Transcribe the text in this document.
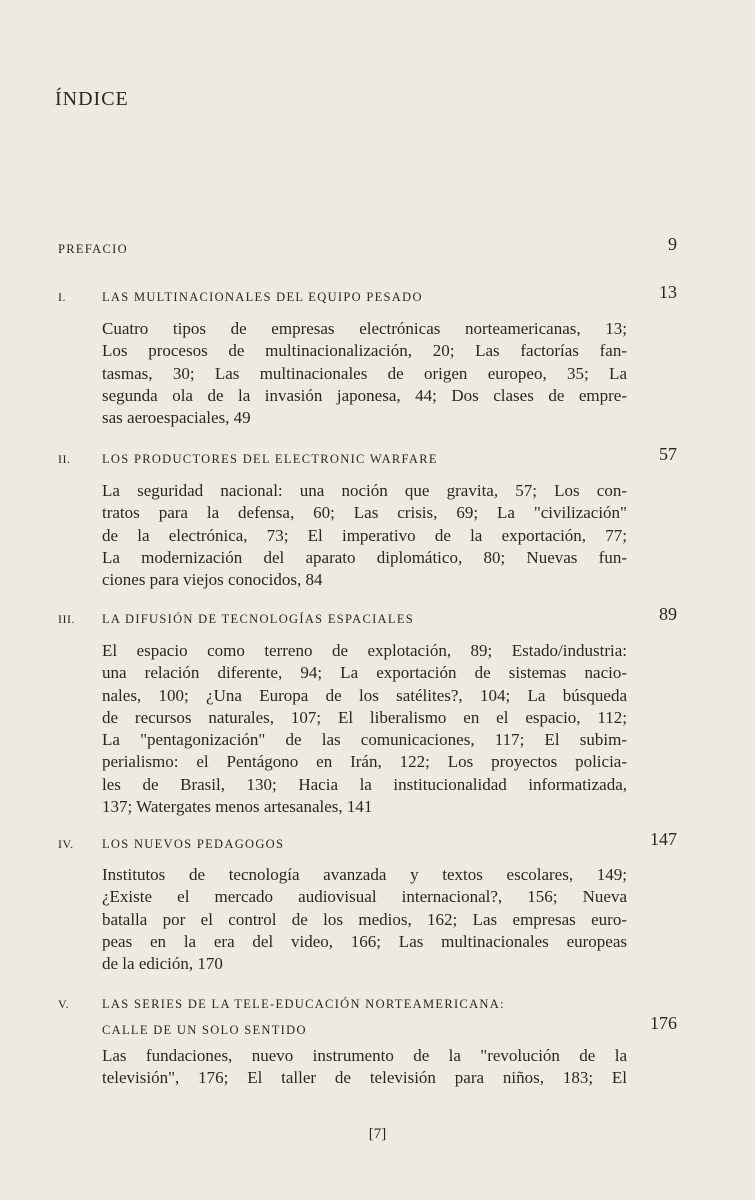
ÍNDICE
PREFACIO	9
I.	LAS MULTINACIONALES DEL EQUIPO PESADO	13
Cuatro tipos de empresas electrónicas norteamericanas, 13;
Los procesos de multinacionalización, 20; Las factorías fan-
tasmas, 30; Las multinacionales de origen europeo, 35; La
segunda ola de la invasión japonesa, 44; Dos clases de empre-
sas aeroespaciales, 49
II.	LOS PRODUCTORES DEL ELECTRONIC WARFARE	57
La seguridad nacional: una noción que gravita, 57; Los con-
tratos para la defensa, 60; Las crisis, 69; La "civilización"
de la electrónica, 73; El imperativo de la exportación, 77;
La modernización del aparato diplomático, 80; Nuevas fun-
ciones para viejos conocidos, 84
III. LA DIFUSIÓN DE TECNOLOGÍAS ESPACIALES	89
El espacio como terreno de explotación, 89; Estado/industria:
una relación diferente, 94; La exportación de sistemas nacio-
nales, 100; ¿Una Europa de los satélites?, 104; La búsqueda
de recursos naturales, 107; El liberalismo en el espacio, 112;
La "pentagonización" de las comunicaciones, 117; El subim-
perialismo: el Pentágono en Irán, 122; Los proyectos policia-
les de Brasil, 130; Hacia la institucionalidad informatizada,
137; Watergates menos artesanales, 141
IV. LOS NUEVOS PEDAGOGOS	147
Institutos de tecnología avanzada y textos escolares, 149;
¿Existe el mercado audiovisual internacional?, 156; Nueva
batalla por el control de los medios, 162; Las empresas euro-
peas en la era del video, 166; Las multinacionales europeas
de la edición, 170
V.	LAS SERIES DE LA TELE-EDUCACIÓN NORTEAMERICANA:
CALLE DE UN SOLO SENTIDO	176
Las fundaciones, nuevo instrumento de la "revolución de la
televisión", 176; El taller de televisión para niños, 183; El
[7]
